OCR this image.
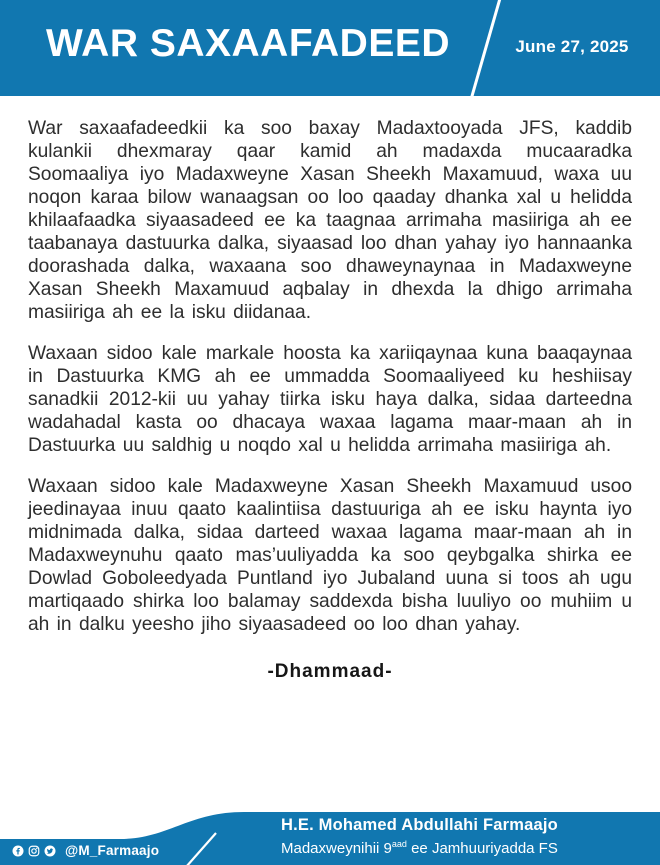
WAR SAXAAFADEED	June 27, 2025

War saxaafadeedkii ka soo baxay Madaxtooyada JFS, kaddib kulankii dhexmaray qaar kamid ah madaxda mucaaradka Soomaaliya iyo Madaxweyne Xasan Sheekh Maxamuud, waxa uu noqon karaa bilow wanaagsan oo loo qaaday dhanka xal u helidda khilaafaadka siyaasadeed ee ka taagnaa arrimaha masiiriga ah ee taabanaya dastuurka dalka, siyaasad loo dhan yahay iyo hannaanka doorashada dalka, waxaana soo dhaweynaynaa in Madaxweyne Xasan Sheekh Maxamuud aqbalay in dhexda la dhigo arrimaha masiiriga ah ee la isku diidanaa.

Waxaan sidoo kale markale hoosta ka xariiqaynaa kuna baaqaynaa in Dastuurka KMG ah ee ummadda Soomaaliyeed ku heshiisay sanadkii 2012-kii uu yahay tiirka isku haya dalka, sidaa darteedna wadahadal kasta oo dhacaya waxaa lagama maar-maan ah in Dastuurka uu saldhig u noqdo xal u helidda arrimaha masiiriga ah.

Waxaan sidoo kale Madaxweyne Xasan Sheekh Maxamuud usoo jeedinayaa inuu qaato kaalintiisa dastuuriga ah ee isku haynta iyo midnimada dalka, sidaa darteed waxaa lagama maar-maan ah in Madaxweynuhu qaato mas’uuliyadda ka soo qeybgalka shirka ee Dowlad Goboleedyada Puntland iyo Jubaland uuna si toos ah ugu martiqaado shirka loo balamay saddexda bisha luuliyo oo muhiim u ah in dalku yeesho jiho siyaasadeed oo loo dhan yahay.

-Dhammaad-
@M_Farmaajo
H.E. Mohamed Abdullahi Farmaajo
Madaxweynihii $9^{aad}$ ee Jamhuuriyadda FS
